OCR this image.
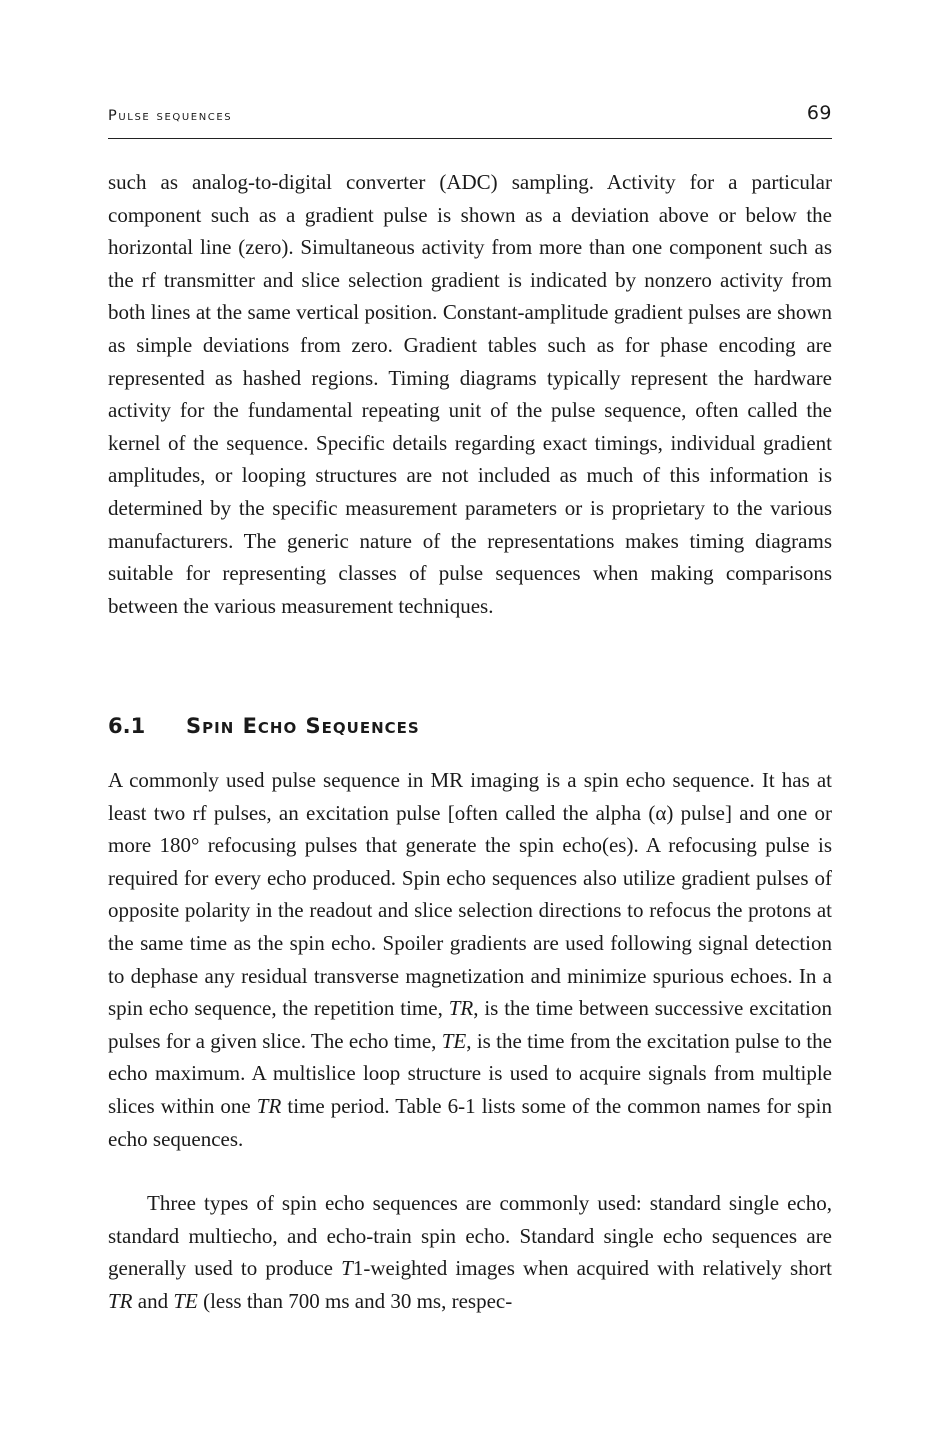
Pulse sequences	69

such as analog-to-digital converter (ADC) sampling. Activity for a particular component such as a gradient pulse is shown as a deviation above or below the horizontal line (zero). Simultaneous activity from more than one component such as the rf transmitter and slice selection gradient is indicated by nonzero activity from both lines at the same vertical position. Constant-amplitude gradient pulses are shown as simple deviations from zero. Gradient tables such as for phase encoding are represented as hashed regions. Timing diagrams typically represent the hardware activity for the fundamental repeating unit of the pulse sequence, often called the kernel of the sequence. Specific details regarding exact timings, individual gradient amplitudes, or looping structures are not included as much of this information is determined by the specific measurement parameters or is proprietary to the various manufacturers. The generic nature of the representations makes timing diagrams suitable for representing classes of pulse sequences when making comparisons between the various measurement techniques.

6.1 Spin Echo Sequences

A commonly used pulse sequence in MR imaging is a spin echo sequence. It has at least two rf pulses, an excitation pulse [often called the alpha (α) pulse] and one or more 180° refocusing pulses that generate the spin echo(es). A refocusing pulse is required for every echo produced. Spin echo sequences also utilize gradient pulses of opposite polarity in the readout and slice selection directions to refocus the protons at the same time as the spin echo. Spoiler gradients are used following signal detection to dephase any residual transverse magnetization and minimize spurious echoes. In a spin echo sequence, the repetition time, TR, is the time between successive excitation pulses for a given slice. The echo time, TE, is the time from the excitation pulse to the echo maximum. A multislice loop structure is used to acquire signals from multiple slices within one TR time period. Table 6-1 lists some of the common names for spin echo sequences.

Three types of spin echo sequences are commonly used: standard single echo, standard multiecho, and echo-train spin echo. Standard single echo sequences are generally used to produce T1-weighted images when acquired with relatively short TR and TE (less than 700 ms and 30 ms, respec-
